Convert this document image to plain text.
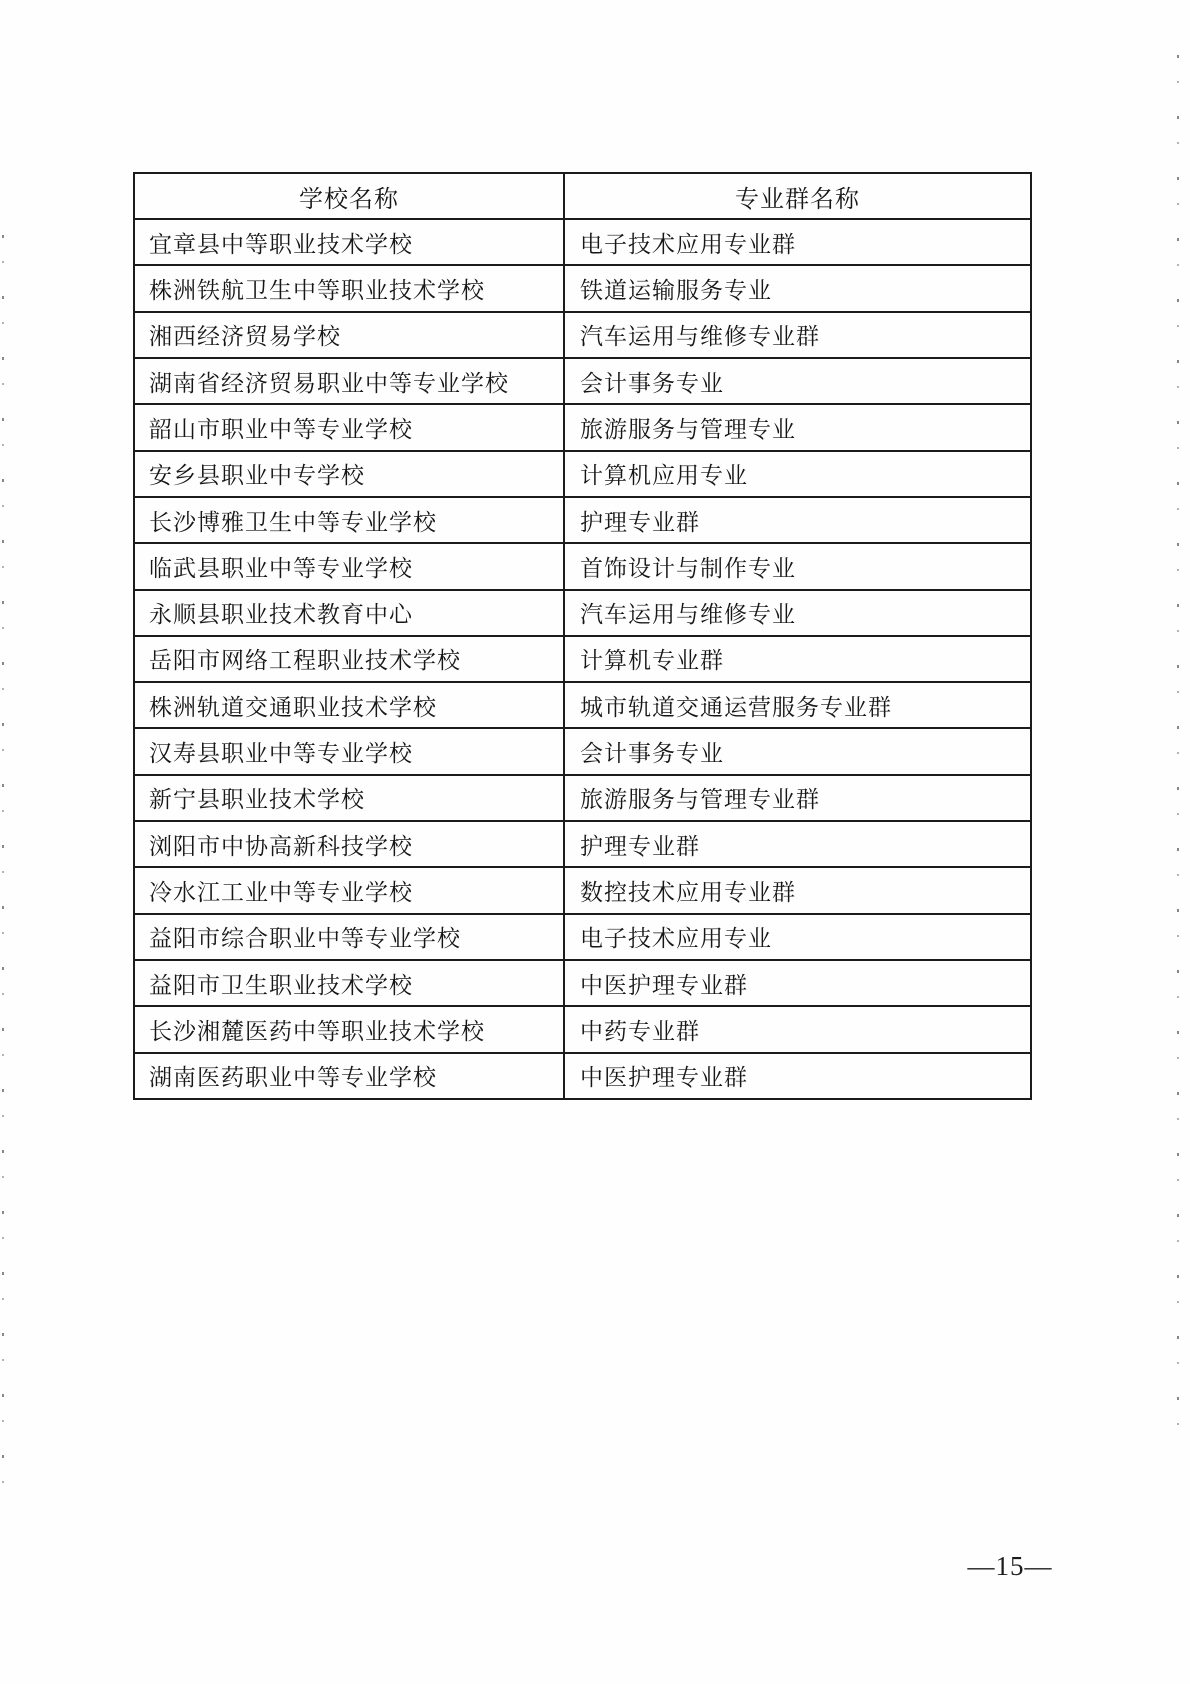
学校名称	专业群名称
宜章县中等职业技术学校	电子技术应用专业群
株洲铁航卫生中等职业技术学校	铁道运输服务专业
湘西经济贸易学校	汽车运用与维修专业群
湖南省经济贸易职业中等专业学校	会计事务专业
韶山市职业中等专业学校	旅游服务与管理专业
安乡县职业中专学校	计算机应用专业
长沙博雅卫生中等专业学校	护理专业群
临武县职业中等专业学校	首饰设计与制作专业
永顺县职业技术教育中心	汽车运用与维修专业
岳阳市网络工程职业技术学校	计算机专业群
株洲轨道交通职业技术学校	城市轨道交通运营服务专业群
汉寿县职业中等专业学校	会计事务专业
新宁县职业技术学校	旅游服务与管理专业群
浏阳市中协高新科技学校	护理专业群
冷水江工业中等专业学校	数控技术应用专业群
益阳市综合职业中等专业学校	电子技术应用专业
益阳市卫生职业技术学校	中医护理专业群
长沙湘麓医药中等职业技术学校	中药专业群
湖南医药职业中等专业学校	中医护理专业群
—15—
